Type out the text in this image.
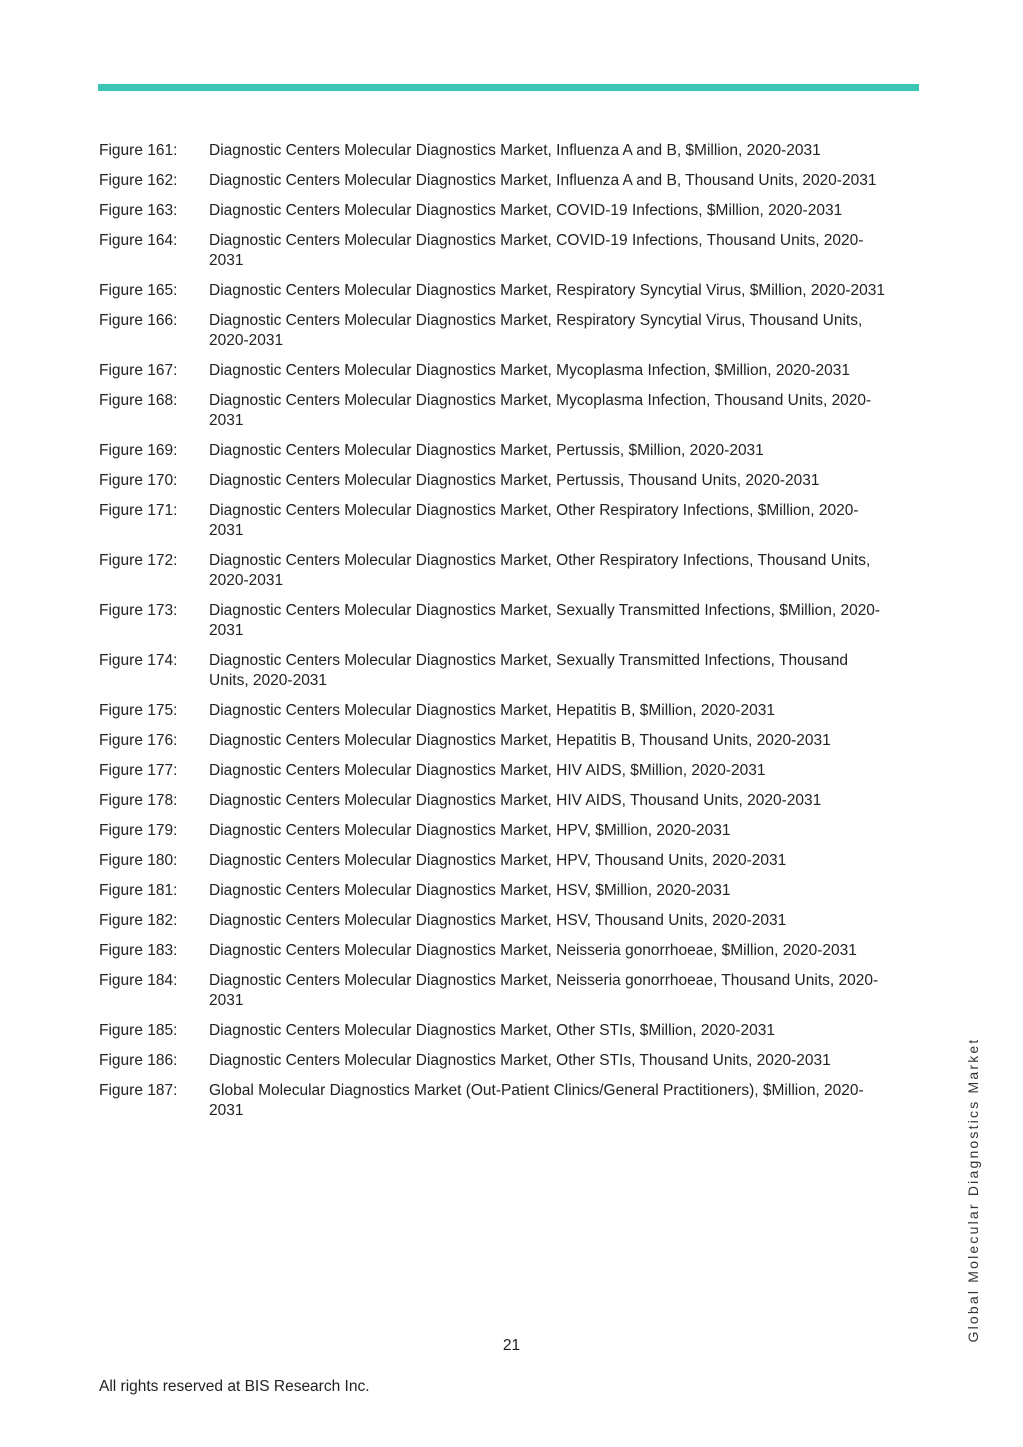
Figure 161:	Diagnostic Centers Molecular Diagnostics Market, Influenza A and B, $Million, 2020-2031
Figure 162:	Diagnostic Centers Molecular Diagnostics Market, Influenza A and B, Thousand Units, 2020-2031
Figure 163:	Diagnostic Centers Molecular Diagnostics Market, COVID-19 Infections, $Million, 2020-2031
Figure 164:	Diagnostic Centers Molecular Diagnostics Market, COVID-19 Infections, Thousand Units, 2020-2031
Figure 165:	Diagnostic Centers Molecular Diagnostics Market, Respiratory Syncytial Virus, $Million, 2020-2031
Figure 166:	Diagnostic Centers Molecular Diagnostics Market, Respiratory Syncytial Virus, Thousand Units, 2020-2031
Figure 167:	Diagnostic Centers Molecular Diagnostics Market, Mycoplasma Infection, $Million, 2020-2031
Figure 168:	Diagnostic Centers Molecular Diagnostics Market, Mycoplasma Infection, Thousand Units, 2020-2031
Figure 169:	Diagnostic Centers Molecular Diagnostics Market, Pertussis, $Million, 2020-2031
Figure 170:	Diagnostic Centers Molecular Diagnostics Market, Pertussis, Thousand Units, 2020-2031
Figure 171:	Diagnostic Centers Molecular Diagnostics Market, Other Respiratory Infections, $Million, 2020-2031
Figure 172:	Diagnostic Centers Molecular Diagnostics Market, Other Respiratory Infections, Thousand Units, 2020-2031
Figure 173:	Diagnostic Centers Molecular Diagnostics Market, Sexually Transmitted Infections, $Million, 2020-2031
Figure 174:	Diagnostic Centers Molecular Diagnostics Market, Sexually Transmitted Infections, Thousand Units, 2020-2031
Figure 175:	Diagnostic Centers Molecular Diagnostics Market, Hepatitis B, $Million, 2020-2031
Figure 176:	Diagnostic Centers Molecular Diagnostics Market, Hepatitis B, Thousand Units, 2020-2031
Figure 177:	Diagnostic Centers Molecular Diagnostics Market, HIV AIDS, $Million, 2020-2031
Figure 178:	Diagnostic Centers Molecular Diagnostics Market, HIV AIDS, Thousand Units, 2020-2031
Figure 179:	Diagnostic Centers Molecular Diagnostics Market, HPV, $Million, 2020-2031
Figure 180:	Diagnostic Centers Molecular Diagnostics Market, HPV, Thousand Units, 2020-2031
Figure 181:	Diagnostic Centers Molecular Diagnostics Market, HSV, $Million, 2020-2031
Figure 182:	Diagnostic Centers Molecular Diagnostics Market, HSV, Thousand Units, 2020-2031
Figure 183:	Diagnostic Centers Molecular Diagnostics Market, Neisseria gonorrhoeae, $Million, 2020-2031
Figure 184:	Diagnostic Centers Molecular Diagnostics Market, Neisseria gonorrhoeae, Thousand Units, 2020-2031
Figure 185:	Diagnostic Centers Molecular Diagnostics Market, Other STIs, $Million, 2020-2031
Figure 186:	Diagnostic Centers Molecular Diagnostics Market, Other STIs, Thousand Units, 2020-2031
Figure 187:	Global Molecular Diagnostics Market (Out-Patient Clinics/General Practitioners), $Million, 2020-2031
21
All rights reserved at BIS Research Inc.
Global Molecular Diagnostics Market
